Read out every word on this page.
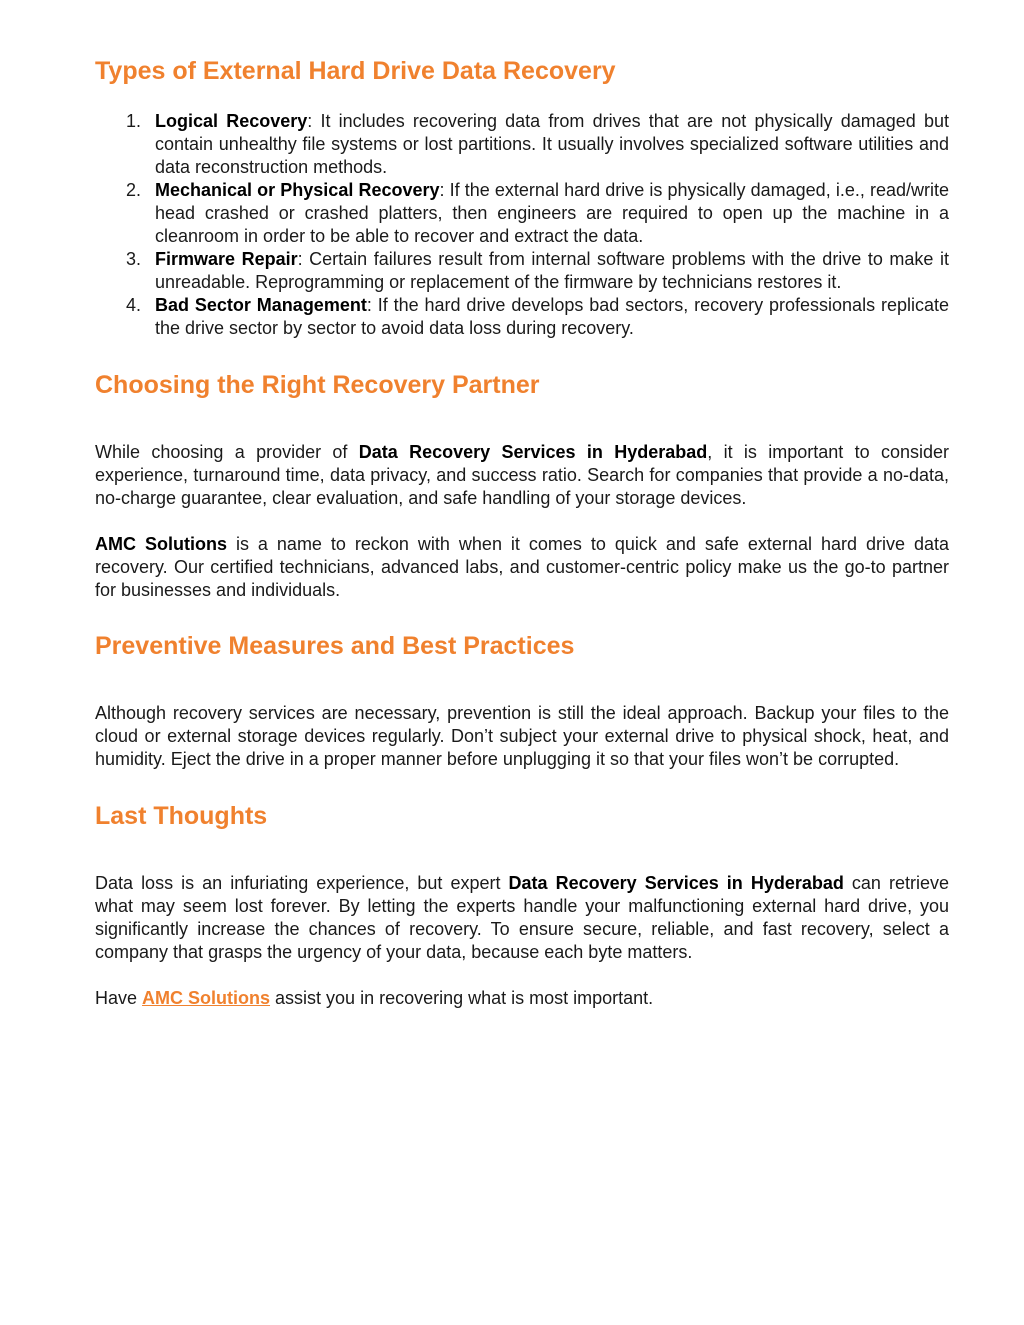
Types of External Hard Drive Data Recovery
1. Logical Recovery: It includes recovering data from drives that are not physically damaged but contain unhealthy file systems or lost partitions. It usually involves specialized software utilities and data reconstruction methods.
2. Mechanical or Physical Recovery: If the external hard drive is physically damaged, i.e., read/write head crashed or crashed platters, then engineers are required to open up the machine in a cleanroom in order to be able to recover and extract the data.
3. Firmware Repair: Certain failures result from internal software problems with the drive to make it unreadable. Reprogramming or replacement of the firmware by technicians restores it.
4. Bad Sector Management: If the hard drive develops bad sectors, recovery professionals replicate the drive sector by sector to avoid data loss during recovery.
Choosing the Right Recovery Partner

While choosing a provider of Data Recovery Services in Hyderabad, it is important to consider experience, turnaround time, data privacy, and success ratio. Search for companies that provide a no-data, no-charge guarantee, clear evaluation, and safe handling of your storage devices.

AMC Solutions is a name to reckon with when it comes to quick and safe external hard drive data recovery. Our certified technicians, advanced labs, and customer-centric policy make us the go-to partner for businesses and individuals.

Preventive Measures and Best Practices

Although recovery services are necessary, prevention is still the ideal approach. Backup your files to the cloud or external storage devices regularly. Don’t subject your external drive to physical shock, heat, and humidity. Eject the drive in a proper manner before unplugging it so that your files won’t be corrupted.

Last Thoughts

Data loss is an infuriating experience, but expert Data Recovery Services in Hyderabad can retrieve what may seem lost forever. By letting the experts handle your malfunctioning external hard drive, you significantly increase the chances of recovery. To ensure secure, reliable, and fast recovery, select a company that grasps the urgency of your data, because each byte matters.

Have AMC Solutions assist you in recovering what is most important.
